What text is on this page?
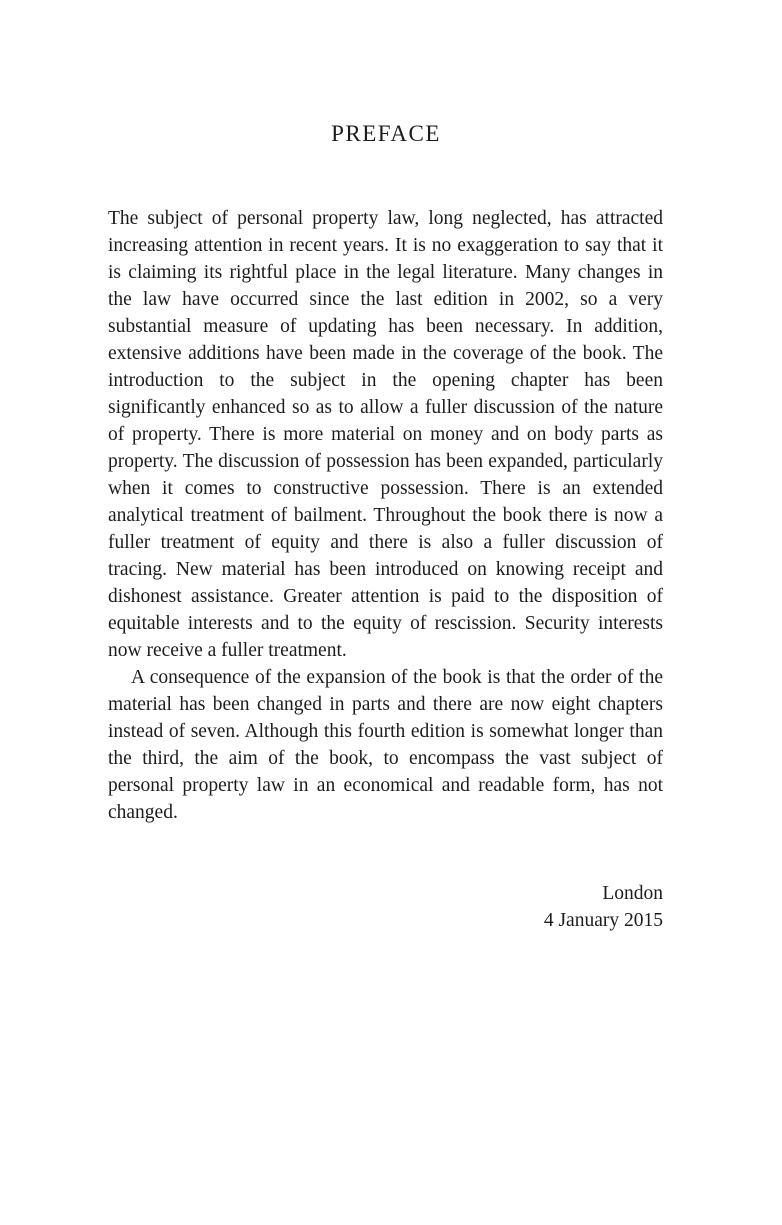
PREFACE

The subject of personal property law, long neglected, has attracted increasing attention in recent years. It is no exaggeration to say that it is claiming its rightful place in the legal literature. Many changes in the law have occurred since the last edition in 2002, so a very substantial measure of updating has been necessary. In addition, extensive additions have been made in the coverage of the book. The introduction to the subject in the opening chapter has been significantly enhanced so as to allow a fuller discussion of the nature of property. There is more material on money and on body parts as property. The discussion of possession has been expanded, particularly when it comes to constructive possession. There is an extended analytical treatment of bailment. Throughout the book there is now a fuller treatment of equity and there is also a fuller discussion of tracing. New material has been introduced on knowing receipt and dishonest assistance. Greater attention is paid to the disposition of equitable interests and to the equity of rescission. Security interests now receive a fuller treatment.

A consequence of the expansion of the book is that the order of the material has been changed in parts and there are now eight chapters instead of seven. Although this fourth edition is somewhat longer than the third, the aim of the book, to encompass the vast subject of personal property law in an economical and readable form, has not changed.

London
4 January 2015
